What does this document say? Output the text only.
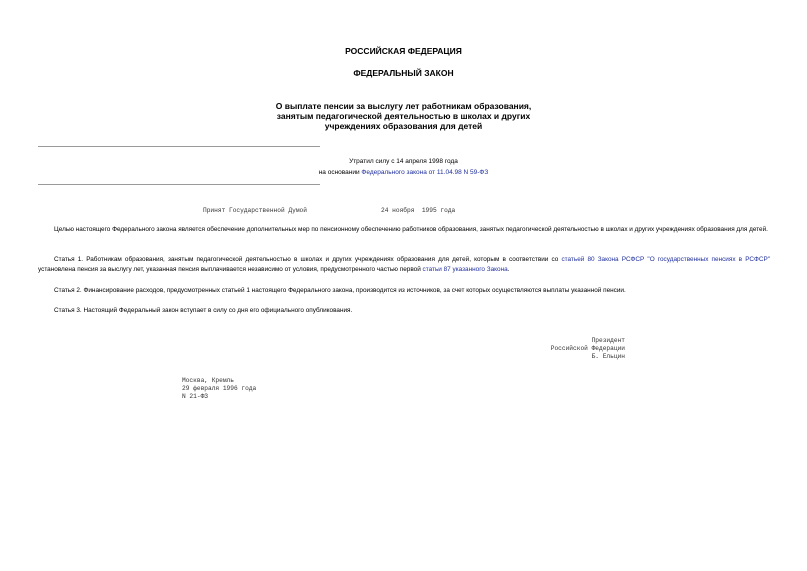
РОССИЙСКАЯ ФЕДЕРАЦИЯ
ФЕДЕРАЛЬНЫЙ ЗАКОН
О выплате пенсии за выслугу лет работникам образования,
занятым педагогической деятельностью в школах и других
учреждениях образования для детей
Утратил силу с 14 апреля 1998 года
на основании Федерального закона от 11.04.98 N 59-ФЗ
Принят Государственной Думой	24 ноября  1995 года
Целью настоящего Федерального закона является обеспечение дополнительных мер по пенсионному обеспечению работников образования, занятых педагогической деятельностью в школах и других учреждениях образования для детей.
Статья 1. Работникам образования, занятым педагогической деятельностью в школах и других учреждениях образования для детей, которым в соответствии со статьей 80 Закона РСФСР "О государственных пенсиях в РСФСР" установлена пенсия за выслугу лет, указанная пенсия выплачивается независимо от условия, предусмотренного частью первой статьи 87 указанного Закона.
Статья 2. Финансирование расходов, предусмотренных статьей 1 настоящего Федерального закона, производится из источников, за счет которых осуществляются выплаты указанной пенсии.
Статья 3. Настоящий Федеральный закон вступает в силу со дня его официального опубликования.
Президент
Российской Федерации
Б. Ельцин
Москва, Кремль
29 февраля 1996 года
N 21-ФЗ
